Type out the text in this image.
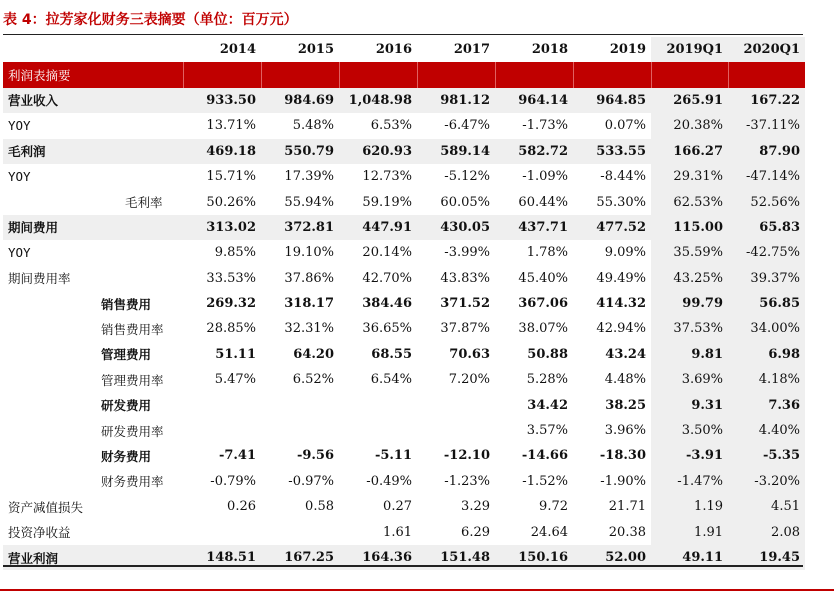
表 4：拉芳家化财务三表摘要（单位：百万元）
	2014	2015	2016	2017	2018	2019	2019Q1	2020Q1
利润表摘要								
营业收入	933.50	984.69	1,048.98	981.12	964.14	964.85	265.91	167.22
YOY	13.71%	5.48%	6.53%	-6.47%	-1.73%	0.07%	20.38%	-37.11%
毛利润	469.18	550.79	620.93	589.14	582.72	533.55	166.27	87.90
YOY	15.71%	17.39%	12.73%	-5.12%	-1.09%	-8.44%	29.31%	-47.14%
毛利率	50.26%	55.94%	59.19%	60.05%	60.44%	55.30%	62.53%	52.56%
期间费用	313.02	372.81	447.91	430.05	437.71	477.52	115.00	65.83
YOY	9.85%	19.10%	20.14%	-3.99%	1.78%	9.09%	35.59%	-42.75%
期间费用率	33.53%	37.86%	42.70%	43.83%	45.40%	49.49%	43.25%	39.37%
销售费用	269.32	318.17	384.46	371.52	367.06	414.32	99.79	56.85
销售费用率	28.85%	32.31%	36.65%	37.87%	38.07%	42.94%	37.53%	34.00%
管理费用	51.11	64.20	68.55	70.63	50.88	43.24	9.81	6.98
管理费用率	5.47%	6.52%	6.54%	7.20%	5.28%	4.48%	3.69%	4.18%
研发费用					34.42	38.25	9.31	7.36
研发费用率					3.57%	3.96%	3.50%	4.40%
财务费用	-7.41	-9.56	-5.11	-12.10	-14.66	-18.30	-3.91	-5.35
财务费用率	-0.79%	-0.97%	-0.49%	-1.23%	-1.52%	-1.90%	-1.47%	-3.20%
资产减值损失	0.26	0.58	0.27	3.29	9.72	21.71	1.19	4.51
投资净收益			1.61	6.29	24.64	20.38	1.91	2.08
营业利润	148.51	167.25	164.36	151.48	150.16	52.00	49.11	19.45
